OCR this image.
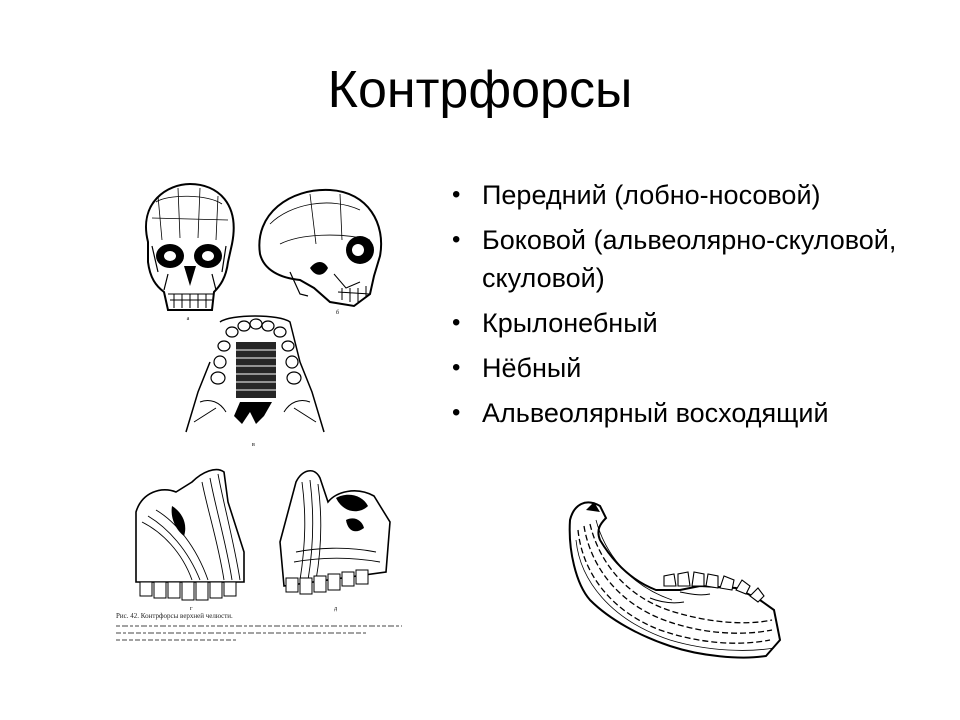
Контрфорсы
• Передний (лобно-носовой)
• Боковой (альвеолярно-скуловой, скуловой)
• Крылонебный
• Нёбный
• Альвеолярный восходящий
а
б
в
г	д
Рис. 42. Контрфорсы верхней челюсти.
